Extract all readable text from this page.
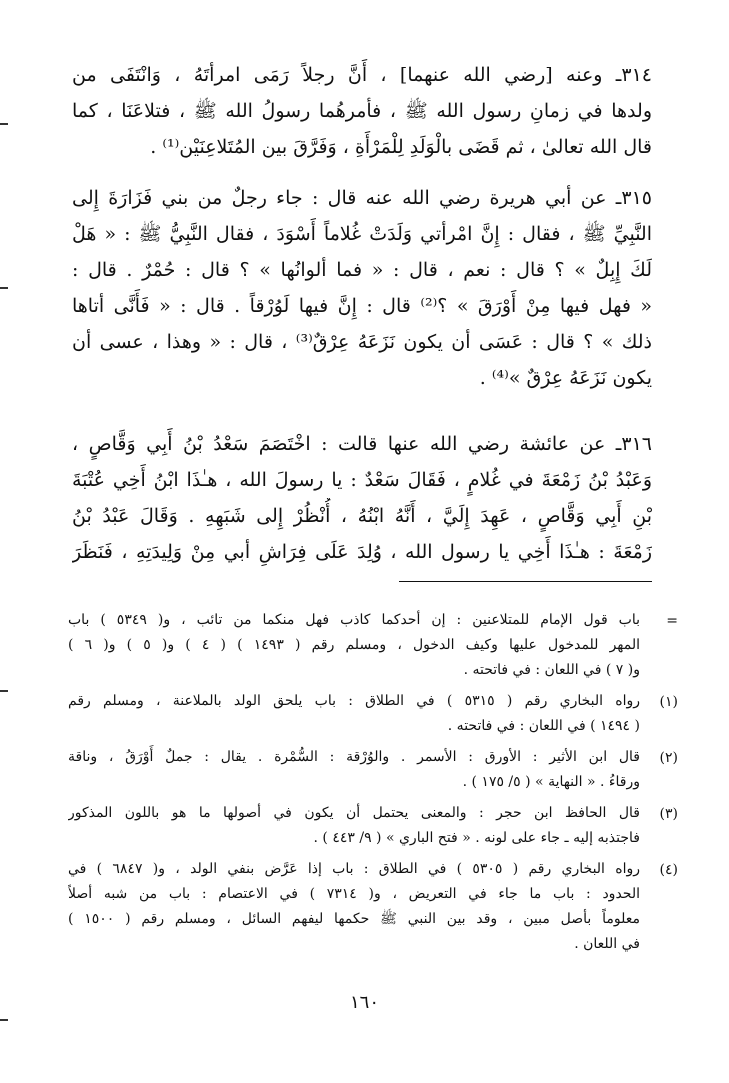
٣١٤ـ وعنه [رضي الله عنهما] ، أَنَّ رجلاً رَمَى امرأتَهُ ، وَانْتَفَى من
ولدها في زمانِ رسول الله ﷺ ، فأمرهُما رسولُ الله ﷺ ، فتلاعَنَا ، كما
قال الله تعالىٰ ، ثم قَضَى بالْوَلَدِ لِلْمَرْأَةِ ، وَفَرَّقَ بين المُتَلاعِنَيْن⁽¹⁾ .
٣١٥ـ عن أبي هريرة رضي الله عنه قال : جاء رجلٌ من بني فَزَارَةَ إِلى
النَّبِيِّ ﷺ ، فقال : إِنَّ امْرأتي وَلَدَتْ غُلاماً أَسْوَدَ ، فقال النَّبِيُّ ﷺ : « هَلْ
لَكَ إِبِلٌ » ؟ قال : نعم ، قال : « فما ألوانُها » ؟ قال : حُمْرٌ . قال :
« فهل فيها مِنْ أَوْرَقَ » ؟⁽²⁾ قال : إِنَّ فيها لَوُرْقاً . قال : « فَأَنَّى أتاها
ذلك » ؟ قال : عَسَى أن يكون نَزَعَهُ عِرْقٌ⁽³⁾ ، قال : « وهذا ، عسى أن
يكون نَزَعَهُ عِرْقٌ »⁽⁴⁾ .
٣١٦ـ عن عائشة رضي الله عنها قالت : اخْتَصَمَ سَعْدُ بْنُ أَبِي وَقَّاصٍ ،
وَعَبْدُ بْنُ زَمْعَةَ في غُلامٍ ، فَقَالَ سَعْدٌ : يا رسولَ الله ، هـٰذَا ابْنُ أَخِي عُتْبَةَ
بْنِ أَبِي وَقَّاصٍ ، عَهِدَ إِلَيَّ ، أَنَّهُ ابْنُهُ ، أُنْظُرْ إِلى شَبَهِهِ . وَقَالَ عَبْدُ بْنُ
زَمْعَةَ : هـٰذَا أَخِي يا رسول الله ، وُلِدَ عَلَى فِرَاشِ أبي مِنْ وَلِيدَتِهِ ، فَنَظَرَ
=
باب قول الإمام للمتلاعنين : إن أحدكما كاذب فهل منكما من تائب ، و( ٥٣٤٩ ) باب
المهر للمدخول عليها وكيف الدخول ، ومسلم رقم ( ١٤٩٣ ) ( ٤ ) و( ٥ ) و( ٦ )
و( ٧ ) في اللعان : في فاتحته .
(١)
رواه البخاري رقم ( ٥٣١٥ ) في الطلاق : باب يلحق الولد بالملاعنة ، ومسلم رقم
( ١٤٩٤ ) في اللعان : في فاتحته .
(٢)
قال ابن الأثير : الأورق : الأسمر . والوُرْقة : السُّمْرة . يقال : جملٌ أَوْرَقُ ، وناقة
ورقاءُ . « النهاية » ( ٥/ ١٧٥ ) .
(٣)
قال الحافظ ابن حجر : والمعنى يحتمل أن يكون في أصولها ما هو باللون المذكور
فاجتذبه إليه ـ جاء على لونه . « فتح الباري » ( ٩/ ٤٤٣ ) .
(٤)
رواه البخاري رقم ( ٥٣٠٥ ) في الطلاق : باب إذا عَرَّض بنفي الولد ، و( ٦٨٤٧ ) في
الحدود : باب ما جاء في التعريض ، و( ٧٣١٤ ) في الاعتصام : باب من شبه أصلاً
معلوماً بأصل مبين ، وقد بين النبي ﷺ حكمها ليفهم السائل ، ومسلم رقم ( ١٥٠٠ )
في اللعان .
١٦٠
